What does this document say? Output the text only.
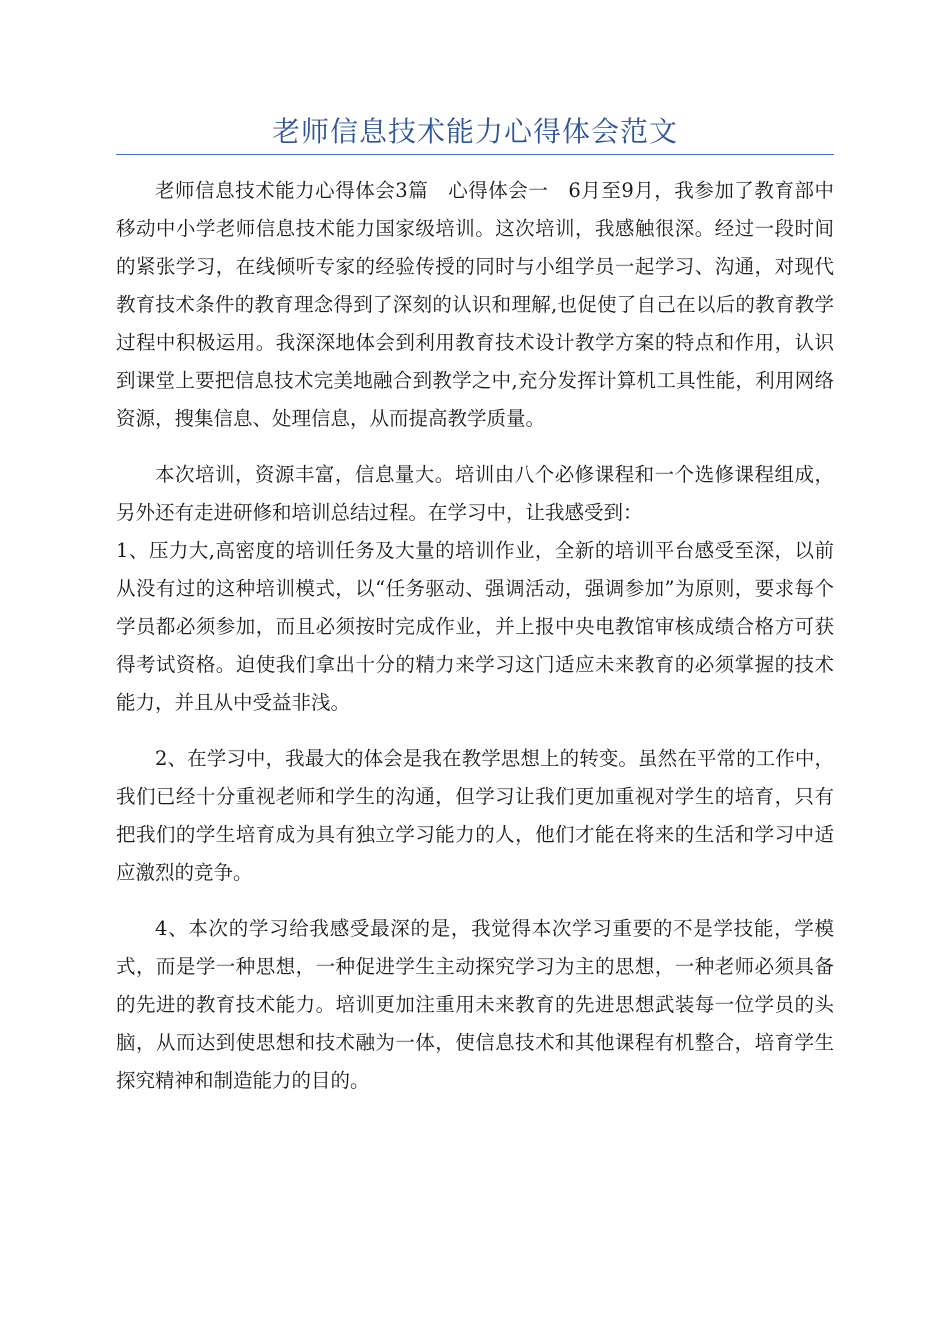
老师信息技术能力心得体会范文

老师信息技术能力心得体会3篇　心得体会一　6月至9月，我参加了教育部中移动中小学老师信息技术能力国家级培训。这次培训，我感触很深。经过一段时间的紧张学习，在线倾听专家的经验传授的同时与小组学员一起学习、沟通，对现代教育技术条件的教育理念得到了深刻的认识和理解,也促使了自己在以后的教育教学过程中积极运用。我深深地体会到利用教育技术设计教学方案的特点和作用，认识到课堂上要把信息技术完美地融合到教学之中,充分发挥计算机工具性能，利用网络资源，搜集信息、处理信息，从而提高教学质量。

本次培训，资源丰富，信息量大。培训由八个必修课程和一个选修课程组成，另外还有走进研修和培训总结过程。在学习中，让我感受到：

1、压力大,高密度的培训任务及大量的培训作业，全新的培训平台感受至深，以前从没有过的这种培训模式，以“任务驱动、强调活动，强调参加”为原则，要求每个学员都必须参加，而且必须按时完成作业，并上报中央电教馆审核成绩合格方可获得考试资格。迫使我们拿出十分的精力来学习这门适应未来教育的必须掌握的技术能力，并且从中受益非浅。

2、在学习中，我最大的体会是我在教学思想上的转变。虽然在平常的工作中，我们已经十分重视老师和学生的沟通，但学习让我们更加重视对学生的培育，只有把我们的学生培育成为具有独立学习能力的人，他们才能在将来的生活和学习中适应激烈的竞争。

4、本次的学习给我感受最深的是，我觉得本次学习重要的不是学技能，学模式，而是学一种思想，一种促进学生主动探究学习为主的思想，一种老师必须具备的先进的教育技术能力。培训更加注重用未来教育的先进思想武装每一位学员的头脑，从而达到使思想和技术融为一体，使信息技术和其他课程有机整合，培育学生探究精神和制造能力的目的。
